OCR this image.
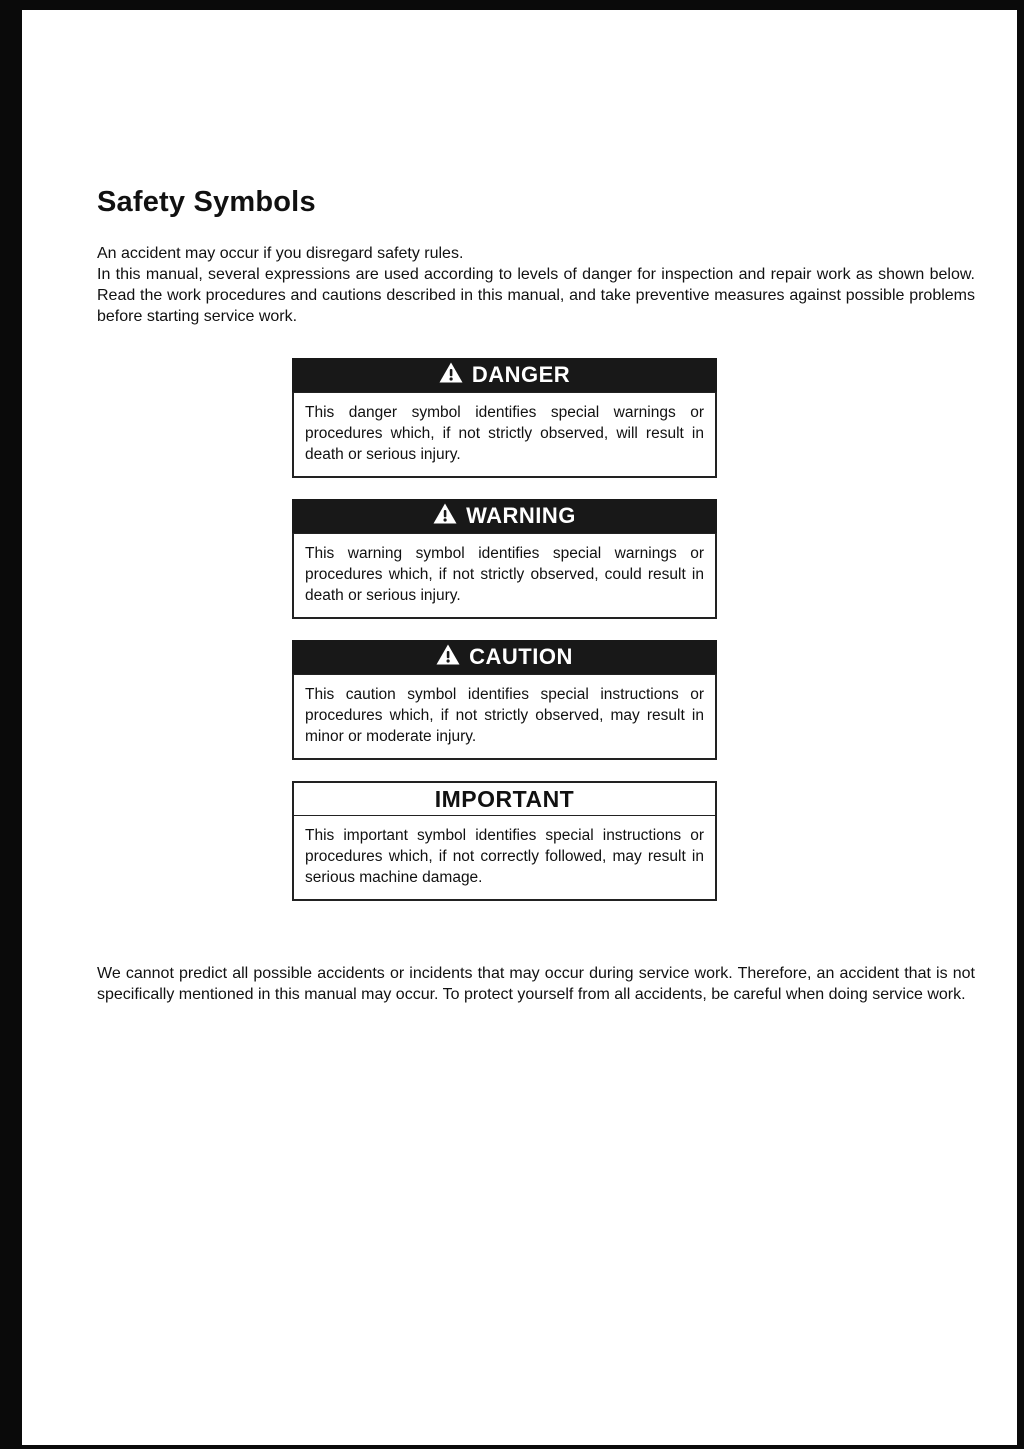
Safety Symbols

An accident may occur if you disregard safety rules.

In this manual, several expressions are used according to levels of danger for inspection and repair work as shown below. Read the work procedures and cautions described in this manual, and take preventive measures against possible problems before starting service work.

DANGER
This danger symbol identifies special warnings or procedures which, if not strictly observed, will result in death or serious injury.
WARNING
This warning symbol identifies special warnings or procedures which, if not strictly observed, could result in death or serious injury.
CAUTION
This caution symbol identifies special instructions or procedures which, if not strictly observed, may result in minor or moderate injury.
IMPORTANT
This important symbol identifies special instructions or procedures which, if not correctly followed, may result in serious machine damage.

We cannot predict all possible accidents or incidents that may occur during service work. Therefore, an accident that is not specifically mentioned in this manual may occur. To protect yourself from all accidents, be careful when doing service work.
